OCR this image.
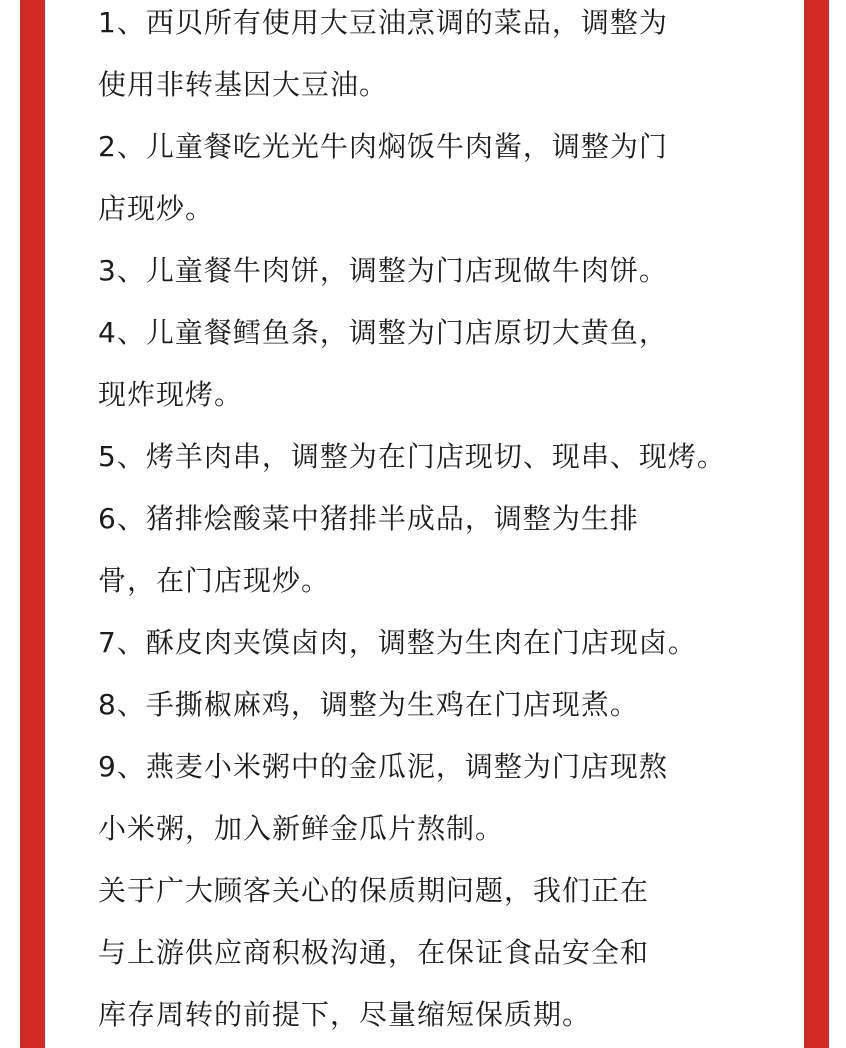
1、西贝所有使用大豆油烹调的菜品，调整为
使用非转基因大豆油。
2、儿童餐吃光光牛肉焖饭牛肉酱，调整为门
店现炒。
3、儿童餐牛肉饼，调整为门店现做牛肉饼。
4、儿童餐鳕鱼条，调整为门店原切大黄鱼，
现炸现烤。
5、烤羊肉串，调整为在门店现切、现串、现烤。
6、猪排烩酸菜中猪排半成品，调整为生排
骨，在门店现炒。
7、酥皮肉夹馍卤肉，调整为生肉在门店现卤。
8、手撕椒麻鸡，调整为生鸡在门店现煮。
9、燕麦小米粥中的金瓜泥，调整为门店现熬
小米粥，加入新鲜金瓜片熬制。
关于广大顾客关心的保质期问题，我们正在
与上游供应商积极沟通，在保证食品安全和
库存周转的前提下，尽量缩短保质期。
